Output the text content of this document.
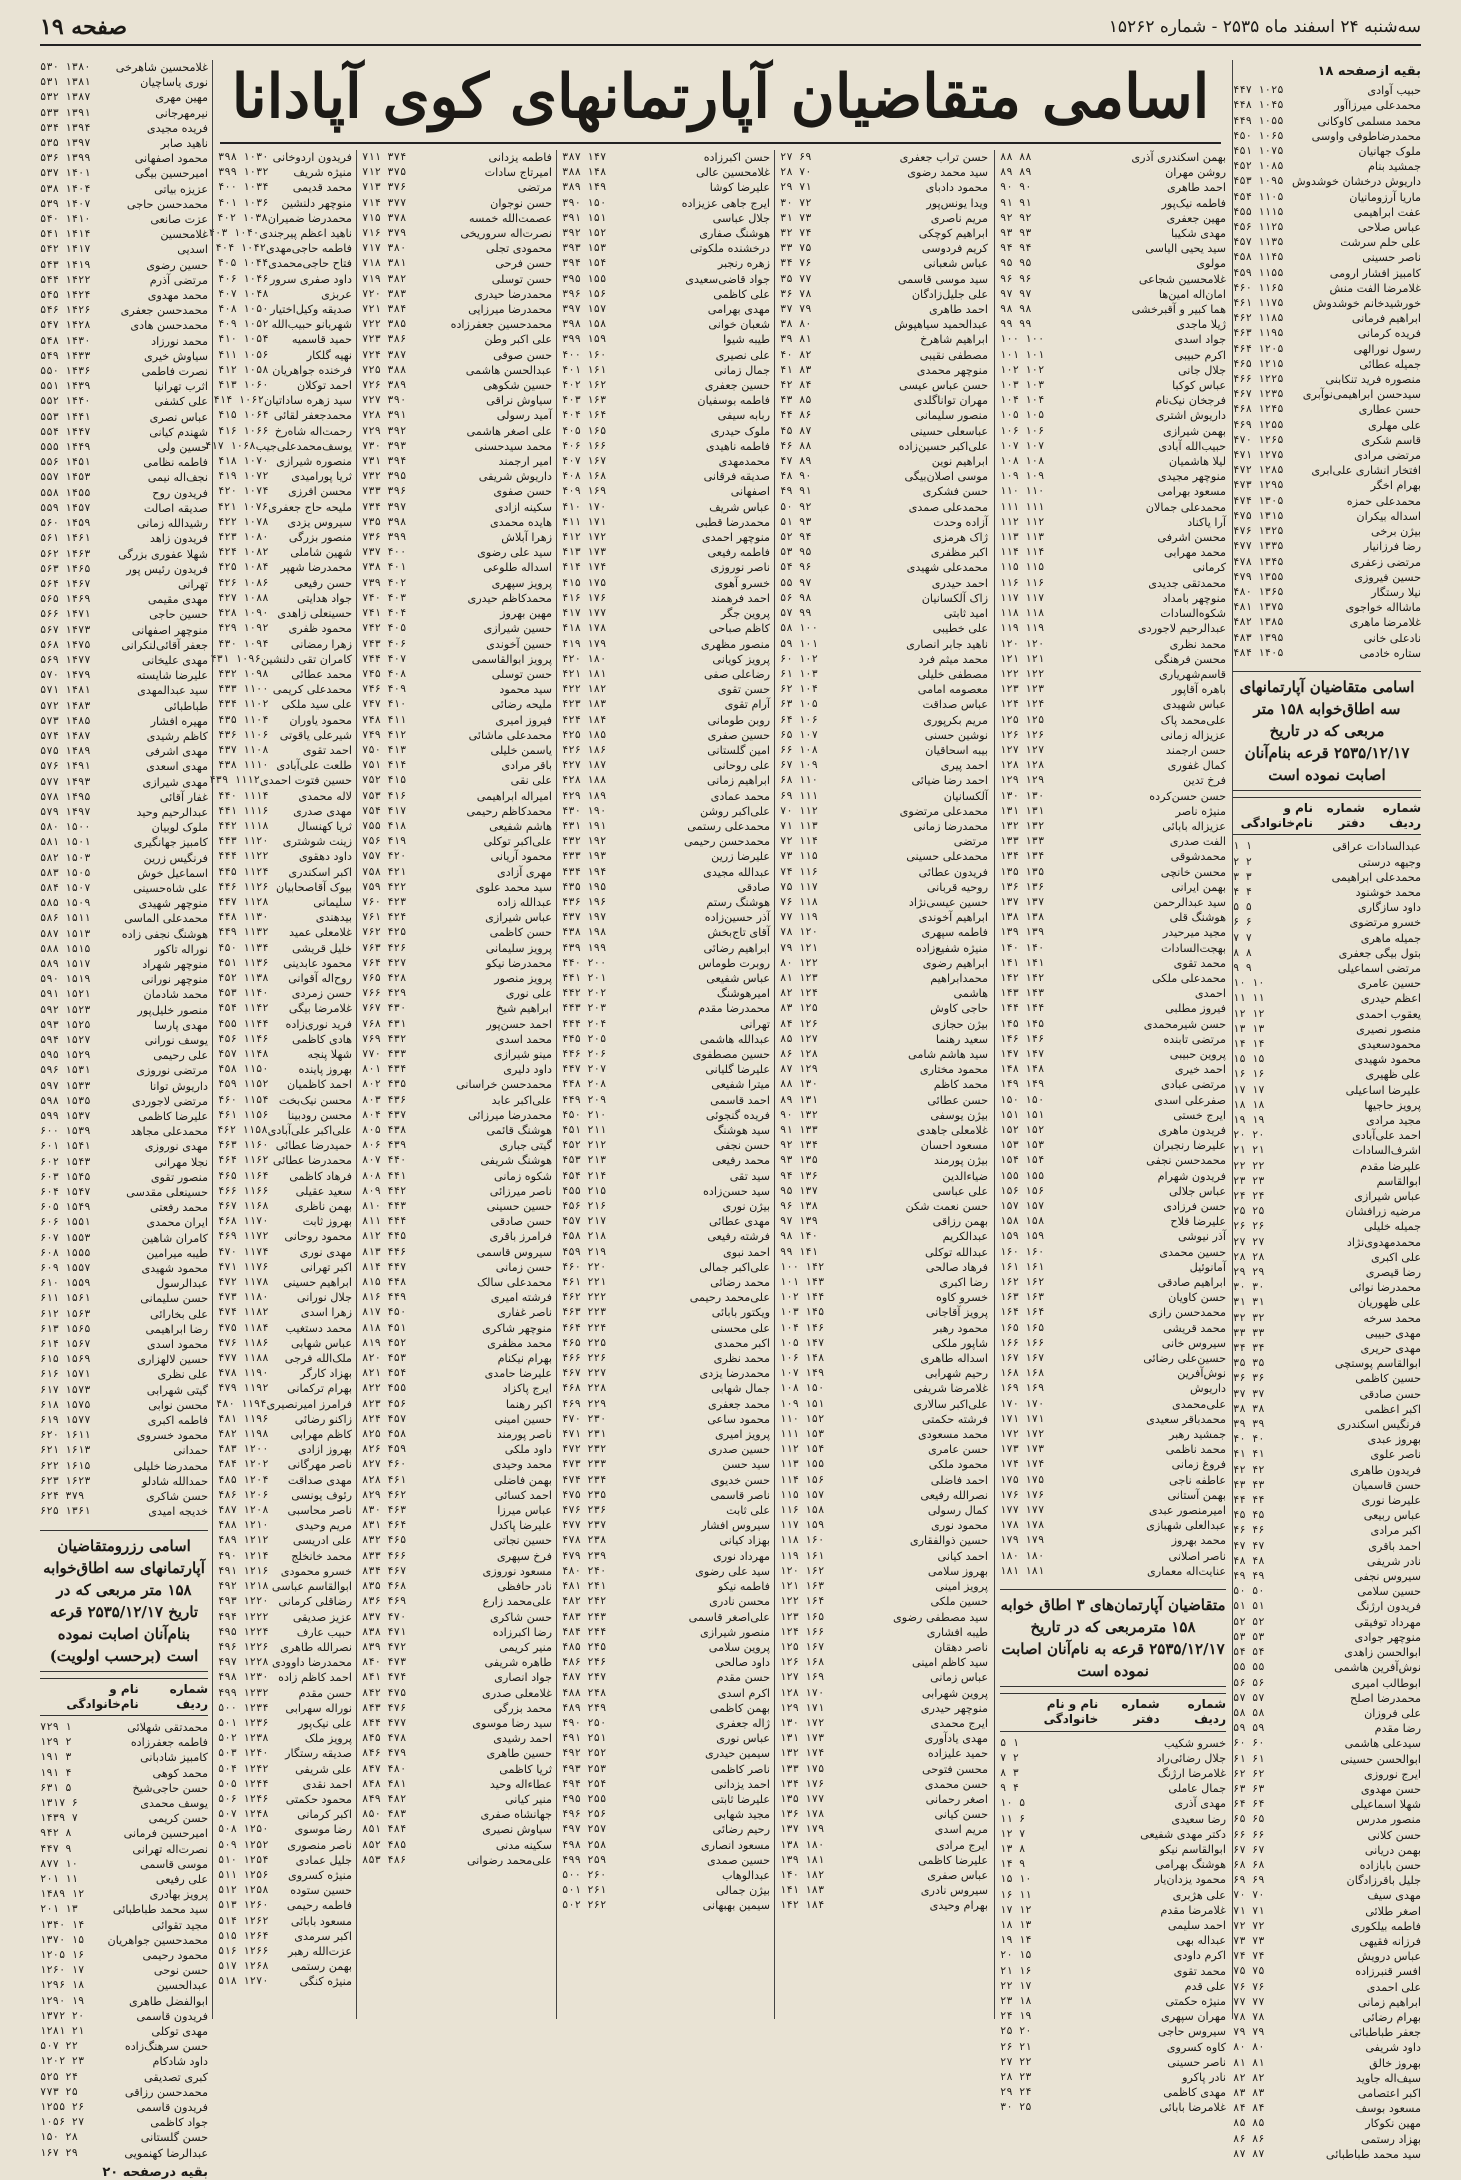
سه‌شنبه ۲۴ اسفند ماه ۲۵۳۵ - شماره ۱۵۲۶۲
صفحه ۱۹
اسامی متقاضیان آپارتمانهای کوی آپادانا	بقیه ازصفحه ۱۸
حبیب آوادی
۱۰۲۵ ۴۴۷
محمدعلی میرزاآور
۱۰۴۵ ۴۴۸
محمد مسلمی کاوکانی
۱۰۵۵ ۴۴۹
محمدرضاطوفی واوسی
۱۰۶۵ ۴۵۰
ملوک جهانیان
۱۰۷۵ ۴۵۱
جمشید بنام
۱۰۸۵ ۴۵۲
داریوش درخشان خوشدوش
۱۰۹۵ ۴۵۳
ماریا آرزومانیان
۱۱۰۵ ۴۵۴
عفت ابراهیمی
۱۱۱۵ ۴۵۵
عباس صلاحی
۱۱۲۵ ۴۵۶
علی حلم سرشت
۱۱۳۵ ۴۵۷
ناصر حسینی
۱۱۴۵ ۴۵۸
کامبیز افشار ارومی
۱۱۵۵ ۴۵۹
غلامرضا الفت منش
۱۱۶۵ ۴۶۰
خورشیدخانم خوشدوش
۱۱۷۵ ۴۶۱
ابراهیم فرمانی
۱۱۸۵ ۴۶۲
فریده کرمانی
۱۱۹۵ ۴۶۳
رسول نورالهی
۱۲۰۵ ۴۶۴
جمیله عطائی
۱۲۱۵ ۴۶۵
منصوره فرید تنکابنی
۱۲۲۵ ۴۶۶
سیدحسن ابراهیمی‌نوآبری
۱۲۳۵ ۴۶۷
حسن عطاری
۱۲۴۵ ۴۶۸
علی مهلری
۱۲۵۵ ۴۶۹
قاسم شکری
۱۲۶۵ ۴۷۰
مرتضی مرادی
۱۲۷۵ ۴۷۱
افتخار انشاری علی‌ابری
۱۲۸۵ ۴۷۲
بهرام اخگر
۱۲۹۵ ۴۷۳
محمدعلی حمزه
۱۳۰۵ ۴۷۴
اسداله بیکران
۱۳۱۵ ۴۷۵
بیژن برخی
۱۳۲۵ ۴۷۶
رضا فرزانیار
۱۳۳۵ ۴۷۷
مرتضی زعفری
۱۳۴۵ ۴۷۸
حسین فیروزی
۱۳۵۵ ۴۷۹
نیلا رستگار
۱۳۶۵ ۴۸۰
ماشااله خواجوی
۱۳۷۵ ۴۸۱
غلامرضا ماهری
۱۳۸۵ ۴۸۲
نادعلی خانی
۱۳۹۵ ۴۸۳
ستاره خادمی
۱۴۰۵ ۴۸۴
اسامی متقاضیان آپارتمانهای سه اطاق‌خوابه ۱۵۸ متر مربعی که در تاریخ ۲۵۳۵/۱۲/۱۷ قرعه بنام‌آنان اصابت نموده است
شماره ردیف
شماره دفتر
نام و نام‌خانوادگی
عبدالسادات عراقی
۱ ۱
وجیهه درستی
۲ ۲
محمدعلی ابراهیمی
۳ ۳
محمد خوشنود
۴ ۴
داود سازگاری
۵ ۵
خسرو مرتضوی
۶ ۶
جمیله ماهری
۷ ۷
بتول بیگی جعفری
۸ ۸
مرتضی اسماعیلی
۹ ۹
حسین عامری
۱۰ ۱۰
اعظم حیدری
۱۱ ۱۱
یعقوب احمدی
۱۲ ۱۲
منصور نصیری
۱۳ ۱۳
محمودسعیدی
۱۴ ۱۴
محمود شهیدی
۱۵ ۱۵
علی ظهیری
۱۶ ۱۶
علیرضا اساعیلی
۱۷ ۱۷
پرویز حاجیها
۱۸ ۱۸
مجید مرادی
۱۹ ۱۹
احمد علی‌آبادی
۲۰ ۲۰
اشرف‌السادات
۲۱ ۲۱
علیرضا مقدم
۲۲ ۲۲
ابوالقاسم
۲۳ ۲۳
عباس شیرازی
۲۴ ۲۴
مرضیه زرافشان
۲۵ ۲۵
جمیله خلیلی
۲۶ ۲۶
محمدمهدوی‌نژاد
۲۷ ۲۷
علی اکبری
۲۸ ۲۸
رضا قیصری
۲۹ ۲۹
محمدرضا نوائی
۳۰ ۳۰
علی ظهوریان
۳۱ ۳۱
محمد سرخه
۳۲ ۳۲
مهدی حبیبی
۳۳ ۳۳
مهدی حریری
۳۴ ۳۴
ابوالقاسم پوستچی
۳۵ ۳۵
حسین کاظمی
۳۶ ۳۶
حسن صادقی
۳۷ ۳۷
اکبر اعظمی
۳۸ ۳۸
فرنگیس اسکندری
۳۹ ۳۹
بهروز عبدی
۴۰ ۴۰
ناصر علوی
۴۱ ۴۱
فریدون طاهری
۴۲ ۴۲
حسن قاسمیان
۴۳ ۴۳
علیرضا نوری
۴۴ ۴۴
عباس ربیعی
۴۵ ۴۵
اکبر مرادی
۴۶ ۴۶
احمد باقری
۴۷ ۴۷
نادر شریفی
۴۸ ۴۸
سیروس نجفی
۴۹ ۴۹
حسین سلامی
۵۰ ۵۰
فریدون ارژنگ
۵۱ ۵۱
مهرداد توفیقی
۵۲ ۵۲
منوچهر جوادی
۵۳ ۵۳
ابوالحسن زاهدی
۵۴ ۵۴
نوش‌آفرین هاشمی
۵۵ ۵۵
ابوطالب امیری
۵۶ ۵۶
محمدرضا اصلح
۵۷ ۵۷
علی فروزان
۵۸ ۵۸
رضا مقدم
۵۹ ۵۹
سیدعلی هاشمی
۶۰ ۶۰
ابوالحسن حسینی
۶۱ ۶۱
ایرج نوروزی
۶۲ ۶۲
حسن مهدوی
۶۳ ۶۳
شهلا اسماعیلی
۶۴ ۶۴
منصور مدرس
۶۵ ۶۵
حسن کلانی
۶۶ ۶۶
بهمن دریانی
۶۷ ۶۷
حسن بابازاده
۶۸ ۶۸
جلیل باقرزادگان
۶۹ ۶۹
مهدی سیف
۷۰ ۷۰
اصغر طلائی
۷۱ ۷۱
فاطمه بیلکوری
۷۲ ۷۲
فرزانه فقیهی
۷۳ ۷۳
عباس درویش
۷۴ ۷۴
افسر قنبرزاده
۷۵ ۷۵
علی احمدی
۷۶ ۷۶
ابراهیم زمانی
۷۷ ۷۷
بهرام رضائی
۷۸ ۷۸
جعفر طباطبائی
۷۹ ۷۹
داود شریفی
۸۰ ۸۰
بهروز خالق
۸۱ ۸۱
سیف‌اله جاوید
۸۲ ۸۲
اکبر اعتصامی
۸۳ ۸۳
مسعود بوسف
۸۴ ۸۴
مهین نکوکار
۸۵ ۸۵
بهزاد رستمی
۸۶ ۸۶
سید محمد طباطبائی
۸۷ ۸۷
بهمن اسکندری آذری
۸۸ ۸۸
روشن مهران
۸۹ ۸۹
احمد طاهری
۹۰ ۹۰
فاطمه نیک‌پور
۹۱ ۹۱
مهین جعفری
۹۲ ۹۲
مهدی شکیبا
۹۳ ۹۳
سید یحیی الیاسی
۹۴ ۹۴
مولوی
۹۵ ۹۵
غلامحسین شجاعی
۹۶ ۹۶
امان‌اله امین‌ها
۹۷ ۹۷
هما کبیر و آقبرخشی
۹۸ ۹۸
ژیلا ماجدی
۹۹ ۹۹
جواد اسدی
۱۰۰ ۱۰۰
اکرم حبیبی
۱۰۱ ۱۰۱
جلال جانی
۱۰۲ ۱۰۲
عباس کوکبا
۱۰۳ ۱۰۳
فرجخان نیک‌نام
۱۰۴ ۱۰۴
داریوش اشتری
۱۰۵ ۱۰۵
بهمن شیرازی
۱۰۶ ۱۰۶
حبیب‌الله آبادی
۱۰۷ ۱۰۷
لیلا هاشمیان
۱۰۸ ۱۰۸
منوچهر مجیدی
۱۰۹ ۱۰۹
مسعود بهرامی
۱۱۰ ۱۱۰
محمدعلی جمالان
۱۱۱ ۱۱۱
آرا یاکناد
۱۱۲ ۱۱۲
محسن اشرفی
۱۱۳ ۱۱۳
محمد مهرابی
۱۱۴ ۱۱۴
کرمانی
۱۱۵ ۱۱۵
محمدتقی جدیدی
۱۱۶ ۱۱۶
منوچهر بامداد
۱۱۷ ۱۱۷
شکوه‌السادات
۱۱۸ ۱۱۸
عبدالرحیم لاجوردی
۱۱۹ ۱۱۹
محمد نظری
۱۲۰ ۱۲۰
محسن فرهنگی
۱۲۱ ۱۲۱
قاسم‌شهریاری
۱۲۲ ۱۲۲
باهره آقاپور
۱۲۳ ۱۲۳
عباس شهیدی
۱۲۴ ۱۲۴
علی‌محمد پاک
۱۲۵ ۱۲۵
عزیزاله زمانی
۱۲۶ ۱۲۶
حسن ارجمند
۱۲۷ ۱۲۷
کمال غفوری
۱۲۸ ۱۲۸
فرخ تدین
۱۲۹ ۱۲۹
حسن حسن‌کرده
۱۳۰ ۱۳۰
منیژه ناصر
۱۳۱ ۱۳۱
عزیزاله بابائی
۱۳۲ ۱۳۲
الفت صدری
۱۳۳ ۱۳۳
محمدشوقی
۱۳۴ ۱۳۴
محسن خانچی
۱۳۵ ۱۳۵
بهمن ایرانی
۱۳۶ ۱۳۶
سید عبدالرحمن
۱۳۷ ۱۳۷
هوشنگ قلی
۱۳۸ ۱۳۸
مجید میرحیدر
۱۳۹ ۱۳۹
بهجت‌السادات
۱۴۰ ۱۴۰
محمد تقوی
۱۴۱ ۱۴۱
محمدعلی ملکی
۱۴۲ ۱۴۲
احمدی
۱۴۳ ۱۴۳
فیروز مطلبی
۱۴۴ ۱۴۴
حسن شیرمحمدی
۱۴۵ ۱۴۵
مرتضی تابنده
۱۴۶ ۱۴۶
پروین حبیبی
۱۴۷ ۱۴۷
احمد خیری
۱۴۸ ۱۴۸
مرتضی عبادی
۱۴۹ ۱۴۹
صفرعلی اسدی
۱۵۰ ۱۵۰
ایرج خستی
۱۵۱ ۱۵۱
فریدون ماهری
۱۵۲ ۱۵۲
علیرضا رنجبران
۱۵۳ ۱۵۳
محمدحسن نجفی
۱۵۴ ۱۵۴
فریدون شهرام
۱۵۵ ۱۵۵
عباس جلالی
۱۵۶ ۱۵۶
حسن فرزادی
۱۵۷ ۱۵۷
علیرضا فلاح
۱۵۸ ۱۵۸
آذر نیوشی
۱۵۹ ۱۵۹
حسین محمدی
۱۶۰ ۱۶۰
آمانوئیل
۱۶۱ ۱۶۱
ابراهیم صادقی
۱۶۲ ۱۶۲
حسن کاویان
۱۶۳ ۱۶۳
محمدحسن رازی
۱۶۴ ۱۶۴
محمد قریشی
۱۶۵ ۱۶۵
سیروس خانی
۱۶۶ ۱۶۶
حسین‌علی رضائی
۱۶۷ ۱۶۷
نوش‌آفرین
۱۶۸ ۱۶۸
داریوش
۱۶۹ ۱۶۹
علی‌محمدی
۱۷۰ ۱۷۰
محمدباقر سعیدی
۱۷۱ ۱۷۱
جمشید رهبر
۱۷۲ ۱۷۲
محمد ناظمی
۱۷۳ ۱۷۳
فروغ زمانی
۱۷۴ ۱۷۴
عاطفه ناجی
۱۷۵ ۱۷۵
بهمن آستانی
۱۷۶ ۱۷۶
امیرمنصور عبدی
۱۷۷ ۱۷۷
عبدالعلی شهبازی
۱۷۸ ۱۷۸
محمد بهروز
۱۷۹ ۱۷۹
ناصر اصلانی
۱۸۰ ۱۸۰
عنایت‌اله معماری
۱۸۱ ۱۸۱
متقاضیان آپارتمان‌های ۳ اطاق خوابه ۱۵۸ مترمربعی که در تاریخ ۲۵۳۵/۱۲/۱۷ قرعه به نام‌آنان اصابت نموده است
شماره ردیف
شماره دفتر
نام و نام خانوادگی
خسرو شکیب
۱ ۵
جلال رضائی‌راد
۲ ۷
غلامرضا ارژنگ
۳ ۸
جمال عاملی
۴ ۹
مهدی آذری
۵ ۱۰
رضا سعیدی
۶ ۱۱
دکتر مهدی شفیعی
۷ ۱۲
ابوالقاسم نیکو
۸ ۱۳
هوشنگ بهرامی
۹ ۱۴
محمود یزدان‌یار
۱۰ ۱۵
علی هژبری
۱۱ ۱۶
غلامرضا مقدم
۱۲ ۱۷
احمد سلیمی
۱۳ ۱۸
عبداله بهی
۱۴ ۱۹
اکرم داودی
۱۵ ۲۰
محمد تقوی
۱۶ ۲۱
علی قدم
۱۷ ۲۲
منیژه حکمتی
۱۸ ۲۳
مهران سپهری
۱۹ ۲۴
سیروس حاجی
۲۰ ۲۵
کاوه کسروی
۲۱ ۲۶
ناصر حسینی
۲۲ ۲۷
نادر پاکرو
۲۳ ۲۸
مهدی کاظمی
۲۴ ۲۹
غلامرضا بابائی
۲۵ ۳۰
حسن تراب جعفری
۶۹ ۲۷
سید محمد رضوی
۷۰ ۲۸
محمود دادبای
۷۱ ۲۹
ویدا یونس‌پور
۷۲ ۳۰
مریم ناصری
۷۳ ۳۱
ابراهیم کوچکی
۷۴ ۳۲
کریم فردوسی
۷۵ ۳۳
عباس شعبانی
۷۶ ۳۴
سید موسی قاسمی
۷۷ ۳۵
علی جلیل‌زادگان
۷۸ ۳۶
احمد طاهری
۷۹ ۳۷
عبدالحمید سیاهپوش
۸۰ ۳۸
ابراهیم شاهرخ
۸۱ ۳۹
مصطفی نقیبی
۸۲ ۴۰
منوچهر محمدی
۸۳ ۴۱
حسن عباس عیسی
۸۴ ۴۲
مهران تواناگلدی
۸۵ ۴۳
منصور سلیمانی
۸۶ ۴۴
عباسعلی حسینی
۸۷ ۴۵
علی‌اکبر حسین‌زاده
۸۸ ۴۶
ابراهیم نوین
۸۹ ۴۷
موسی اصلان‌بیگی
۹۰ ۴۸
حسن فشکری
۹۱ ۴۹
محمدعلی صمدی
۹۲ ۵۰
آزاده وحدت
۹۳ ۵۱
ژاک هرمزی
۹۴ ۵۲
اکبر مظفری
۹۵ ۵۳
محمدعلی شهیدی
۹۶ ۵۴
احمد حیدری
۹۷ ۵۵
زاک آلکسانیان
۹۸ ۵۶
امید ثابتی
۹۹ ۵۷
علی خطیبی
۱۰۰ ۵۸
ناهید جابر انصاری
۱۰۱ ۵۹
محمد میثم فرد
۱۰۲ ۶۰
مصطفی خلیلی
۱۰۳ ۶۱
معصومه امامی
۱۰۴ ۶۲
عباس صداقت
۱۰۵ ۶۳
مریم بکرپوری
۱۰۶ ۶۴
نوشین حسنی
۱۰۷ ۶۵
بیبه اسحاقیان
۱۰۸ ۶۶
احمد پیری
۱۰۹ ۶۷
احمد رضا ضیائی
۱۱۰ ۶۸
آلکسانیان
۱۱۱ ۶۹
محمدعلی مرتضوی
۱۱۲ ۷۰
محمدرضا زمانی
۱۱۳ ۷۱
مرتضی
۱۱۴ ۷۲
محمدعلی حسینی
۱۱۵ ۷۳
فریدون عطائی
۱۱۶ ۷۴
روحیه قربانی
۱۱۷ ۷۵
حسین عیسی‌نژاد
۱۱۸ ۷۶
ابراهیم آخوندی
۱۱۹ ۷۷
فاطمه سپهری
۱۲۰ ۷۸
منیژه شفیع‌زاده
۱۲۱ ۷۹
ابراهیم رضوی
۱۲۲ ۸۰
محمدابراهیم
۱۲۳ ۸۱
هاشمی
۱۲۴ ۸۲
حاجی کاوش
۱۲۵ ۸۳
بیژن حجازی
۱۲۶ ۸۴
سعید رهنما
۱۲۷ ۸۵
سید هاشم شامی
۱۲۸ ۸۶
محمود مختاری
۱۲۹ ۸۷
محمد کاظم
۱۳۰ ۸۸
حسن عطائی
۱۳۱ ۸۹
بیژن یوسفی
۱۳۲ ۹۰
غلامعلی جاهدی
۱۳۳ ۹۱
مسعود احسان
۱۳۴ ۹۲
بیژن پورمند
۱۳۵ ۹۳
ضیاءالدین
۱۳۶ ۹۴
علی عباسی
۱۳۷ ۹۵
حسن نعمت شکن
۱۳۸ ۹۶
بهمن رزاقی
۱۳۹ ۹۷
عبدالکریم
۱۴۰ ۹۸
عبدالله توکلی
۱۴۱ ۹۹
فرهاد صالحی
۱۴۲ ۱۰۰
رضا اکبری
۱۴۳ ۱۰۱
خسرو کاوه
۱۴۴ ۱۰۲
پرویز آقاجانی
۱۴۵ ۱۰۳
محمود رهبر
۱۴۶ ۱۰۴
شاپور ملکی
۱۴۷ ۱۰۵
اسداله طاهری
۱۴۸ ۱۰۶
رحیم شهرابی
۱۴۹ ۱۰۷
غلامرضا شریفی
۱۵۰ ۱۰۸
علی‌اکبر سالاری
۱۵۱ ۱۰۹
فرشته حکمتی
۱۵۲ ۱۱۰
محمد مسعودی
۱۵۳ ۱۱۱
حسن عامری
۱۵۴ ۱۱۲
محمود ملکی
۱۵۵ ۱۱۳
احمد فاضلی
۱۵۶ ۱۱۴
نصرالله رفیعی
۱۵۷ ۱۱۵
کمال رسولی
۱۵۸ ۱۱۶
محمود نوری
۱۵۹ ۱۱۷
حسین ذوالفقاری
۱۶۰ ۱۱۸
احمد کیانی
۱۶۱ ۱۱۹
بهروز سلامی
۱۶۲ ۱۲۰
پرویز امینی
۱۶۳ ۱۲۱
حسین ملکی
۱۶۴ ۱۲۲
سید مصطفی رضوی
۱۶۵ ۱۲۳
طیبه افشاری
۱۶۶ ۱۲۴
ناصر دهقان
۱۶۷ ۱۲۵
سید کاظم امینی
۱۶۸ ۱۲۶
عباس زمانی
۱۶۹ ۱۲۷
پروین شهرابی
۱۷۰ ۱۲۸
منوچهر حیدری
۱۷۱ ۱۲۹
ایرج محمدی
۱۷۲ ۱۳۰
مهدی یادآوری
۱۷۳ ۱۳۱
حمید علیزاده
۱۷۴ ۱۳۲
محسن فتوحی
۱۷۵ ۱۳۳
حسن محمدی
۱۷۶ ۱۳۴
اصغر رحمانی
۱۷۷ ۱۳۵
حسن کیانی
۱۷۸ ۱۳۶
مریم اسدی
۱۷۹ ۱۳۷
ایرج مرادی
۱۸۰ ۱۳۸
علیرضا کاظمی
۱۸۱ ۱۳۹
عباس صفری
۱۸۲ ۱۴۰
سیروس نادری
۱۸۳ ۱۴۱
بهرام وحیدی
۱۸۴ ۱۴۲
حسن اکبرزاده
۱۴۷ ۳۸۷
غلامحسین عالی
۱۴۸ ۳۸۸
علیرضا کوشا
۱۴۹ ۳۸۹
ایرج جاهی عزیزاده
۱۵۰ ۳۹۰
جلال عباسی
۱۵۱ ۳۹۱
هوشنگ صفاری
۱۵۲ ۳۹۲
درخشنده ملکوتی
۱۵۳ ۳۹۳
زهره رنجبر
۱۵۴ ۳۹۴
جواد قاضی‌سعیدی
۱۵۵ ۳۹۵
علی کاظمی
۱۵۶ ۳۹۶
مهدی بهرامی
۱۵۷ ۳۹۷
شعبان خوانی
۱۵۸ ۳۹۸
طیبه شیوا
۱۵۹ ۳۹۹
علی نصیری
۱۶۰ ۴۰۰
جمال زمانی
۱۶۱ ۴۰۱
حسین جعفری
۱۶۲ ۴۰۲
فاطمه بوسفیان
۱۶۳ ۴۰۳
ربابه سیفی
۱۶۴ ۴۰۴
ملوک حیدری
۱۶۵ ۴۰۵
فاطمه ناهیدی
۱۶۶ ۴۰۶
محمدمهدی
۱۶۷ ۴۰۷
صدیقه فرقانی
۱۶۸ ۴۰۸
اصفهانی
۱۶۹ ۴۰۹
عباس شریف
۱۷۰ ۴۱۰
محمدرضا قطبی
۱۷۱ ۴۱۱
منوچهر احمدی
۱۷۲ ۴۱۲
فاطمه رفیعی
۱۷۳ ۴۱۳
ناصر نوروزی
۱۷۴ ۴۱۴
خسرو آهوی
۱۷۵ ۴۱۵
احمد فرهمند
۱۷۶ ۴۱۶
پروین جگر
۱۷۷ ۴۱۷
کاظم صباحی
۱۷۸ ۴۱۸
منصور مظهری
۱۷۹ ۴۱۹
پرویز کویانی
۱۸۰ ۴۲۰
رضاعلی صفی
۱۸۱ ۴۲۱
حسن تقوی
۱۸۲ ۴۲۲
آرام تقوی
۱۸۳ ۴۲۳
روبن طومانی
۱۸۴ ۴۲۴
حسین صفری
۱۸۵ ۴۲۵
امین گلستانی
۱۸۶ ۴۲۶
علی روحانی
۱۸۷ ۴۲۷
ابراهیم زمانی
۱۸۸ ۴۲۸
محمد عمادی
۱۸۹ ۴۲۹
علی‌اکبر روشن
۱۹۰ ۴۳۰
محمدعلی رستمی
۱۹۱ ۴۳۱
محمدحسن رحیمی
۱۹۲ ۴۳۲
علیرضا زرین
۱۹۳ ۴۳۳
عبدالله مجیدی
۱۹۴ ۴۳۴
صادقی
۱۹۵ ۴۳۵
هوشنگ رستم
۱۹۶ ۴۳۶
آذر حسین‌زاده
۱۹۷ ۴۳۷
آقای تاج‌بخش
۱۹۸ ۴۳۸
ابراهیم رضائی
۱۹۹ ۴۳۹
روبرت طوماس
۲۰۰ ۴۴۰
عباس شفیعی
۲۰۱ ۴۴۱
امیرهوشنگ
۲۰۲ ۴۴۲
محمدرضا مقدم
۲۰۳ ۴۴۳
تهرانی
۲۰۴ ۴۴۴
عبدالله هاشمی
۲۰۵ ۴۴۵
حسین مصطفوی
۲۰۶ ۴۴۶
علیرضا گلیانی
۲۰۷ ۴۴۷
میترا شفیعی
۲۰۸ ۴۴۸
احمد قاسمی
۲۰۹ ۴۴۹
فریده گنجوئی
۲۱۰ ۴۵۰
سید هوشنگ
۲۱۱ ۴۵۱
حسن نجفی
۲۱۲ ۴۵۲
محمد رفیعی
۲۱۳ ۴۵۳
سید تقی
۲۱۴ ۴۵۴
سید حسن‌زاده
۲۱۵ ۴۵۵
بیژن نوری
۲۱۶ ۴۵۶
مهدی عطائی
۲۱۷ ۴۵۷
فرشته رفیعی
۲۱۸ ۴۵۸
احمد نبوی
۲۱۹ ۴۵۹
علی‌اکبر جمالی
۲۲۰ ۴۶۰
محمد رضائی
۲۲۱ ۴۶۱
علی‌محمد رحیمی
۲۲۲ ۴۶۲
ویکتور بابائی
۲۲۳ ۴۶۳
علی محسنی
۲۲۴ ۴۶۴
اکبر محمدی
۲۲۵ ۴۶۵
محمد نظری
۲۲۶ ۴۶۶
محمدرضا یزدی
۲۲۷ ۴۶۷
جمال شهابی
۲۲۸ ۴۶۸
محمد جعفری
۲۲۹ ۴۶۹
محمود ساعی
۲۳۰ ۴۷۰
پرویز امیری
۲۳۱ ۴۷۱
حسین صدری
۲۳۲ ۴۷۲
سید حسن
۲۳۳ ۴۷۳
حسن خدیوی
۲۳۴ ۴۷۴
ناصر قاسمی
۲۳۵ ۴۷۵
علی ثابت
۲۳۶ ۴۷۶
سیروس افشار
۲۳۷ ۴۷۷
بهزاد کیانی
۲۳۸ ۴۷۸
مهرداد نوری
۲۳۹ ۴۷۹
سید علی رضوی
۲۴۰ ۴۸۰
فاطمه نیکو
۲۴۱ ۴۸۱
محسن نادری
۲۴۲ ۴۸۲
علی‌اصغر قاسمی
۲۴۳ ۴۸۳
منصور شیرازی
۲۴۴ ۴۸۴
پروین سلامی
۲۴۵ ۴۸۵
داود صالحی
۲۴۶ ۴۸۶
حسن مقدم
۲۴۷ ۴۸۷
اکرم اسدی
۲۴۸ ۴۸۸
بهمن کاظمی
۲۴۹ ۴۸۹
ژاله جعفری
۲۵۰ ۴۹۰
عباس نوری
۲۵۱ ۴۹۱
سیمین حیدری
۲۵۲ ۴۹۲
ناصر کاظمی
۲۵۳ ۴۹۳
احمد یزدانی
۲۵۴ ۴۹۴
علیرضا ثابتی
۲۵۵ ۴۹۵
مجید شهابی
۲۵۶ ۴۹۶
رحیم رضائی
۲۵۷ ۴۹۷
مسعود انصاری
۲۵۸ ۴۹۸
حسین صمدی
۲۵۹ ۴۹۹
عبدالوهاب
۲۶۰ ۵۰۰
بیژن جمالی
۲۶۱ ۵۰۱
سیمین بهبهانی
۲۶۲ ۵۰۲
فاطمه یزدانی
۳۷۴ ۷۱۱
امیرتاج سادات
۳۷۵ ۷۱۲
مرتضی
۳۷۶ ۷۱۳
حسن نوجوان
۳۷۷ ۷۱۴
عصمت‌الله خمسه
۳۷۸ ۷۱۵
نصرت‌اله سروریخی
۳۷۹ ۷۱۶
محمودی تجلی
۳۸۰ ۷۱۷
حسن فرحی
۳۸۱ ۷۱۸
حسن توسلی
۳۸۲ ۷۱۹
محمدرضا حیدری
۳۸۳ ۷۲۰
محمدرضا میرزایی
۳۸۴ ۷۲۱
محمدحسین جعفرزاده
۳۸۵ ۷۲۲
علی اکبر وطن
۳۸۶ ۷۲۳
حسن صوفی
۳۸۷ ۷۲۴
عبدالحسن هاشمی
۳۸۸ ۷۲۵
حسین شکوهی
۳۸۹ ۷۲۶
سیاوش نراقی
۳۹۰ ۷۲۷
آمید رسولی
۳۹۱ ۷۲۸
علی اصغر هاشمی
۳۹۲ ۷۲۹
محمد سیدحسنی
۳۹۳ ۷۳۰
امیر ارجمند
۳۹۴ ۷۳۱
داریوش شریفی
۳۹۵ ۷۳۲
حسن صفوی
۳۹۶ ۷۳۳
سکینه ازادی
۳۹۷ ۷۳۴
هایده محمدی
۳۹۸ ۷۳۵
زهرا آبلاش
۳۹۹ ۷۳۶
سید علی رضوی
۴۰۰ ۷۳۷
اسداله طلوعی
۴۰۱ ۷۳۸
پرویز سپهری
۴۰۲ ۷۳۹
محمدکاظم حیدری
۴۰۳ ۷۴۰
مهین بهروز
۴۰۴ ۷۴۱
حسین شیرازی
۴۰۵ ۷۴۲
حسین آخوندی
۴۰۶ ۷۴۳
پرویز ابوالقاسمی
۴۰۷ ۷۴۴
حسن توسلی
۴۰۸ ۷۴۵
سید محمود
۴۰۹ ۷۴۶
ملیحه رضائی
۴۱۰ ۷۴۷
فیروز امیری
۴۱۱ ۷۴۸
محمدعلی ماشائی
۴۱۲ ۷۴۹
یاسمن خلیلی
۴۱۳ ۷۵۰
باقر مرادی
۴۱۴ ۷۵۱
علی نقی
۴۱۵ ۷۵۲
امیراله ابراهیمی
۴۱۶ ۷۵۳
محمدکاظم رحیمی
۴۱۷ ۷۵۴
هاشم شفیعی
۴۱۸ ۷۵۵
علی‌اکبر توکلی
۴۱۹ ۷۵۶
محمود آریانی
۴۲۰ ۷۵۷
مهری آزادی
۴۲۱ ۷۵۸
سید محمد علوی
۴۲۲ ۷۵۹
عبدالله زاده
۴۲۳ ۷۶۰
عباس شیرازی
۴۲۴ ۷۶۱
حسن کاظمی
۴۲۵ ۷۶۲
پرویز سلیمانی
۴۲۶ ۷۶۳
محمدرضا نیکو
۴۲۷ ۷۶۴
پرویز منصور
۴۲۸ ۷۶۵
علی نوری
۴۲۹ ۷۶۶
ابراهیم شیخ
۴۳۰ ۷۶۷
احمد حسن‌پور
۴۳۱ ۷۶۸
محمد اسدی
۴۳۲ ۷۶۹
مینو شیرازی
۴۳۳ ۷۷۰
داود دلیری
۴۳۴ ۸۰۱
محمدحسن خراسانی
۴۳۵ ۸۰۲
علی‌اکبر عابد
۴۳۶ ۸۰۳
محمدرضا میرزائی
۴۳۷ ۸۰۴
هوشنگ قائمی
۴۳۸ ۸۰۵
گیتی جباری
۴۳۹ ۸۰۶
هوشنگ شریفی
۴۴۰ ۸۰۷
شکوه زمانی
۴۴۱ ۸۰۸
ناصر میرزائی
۴۴۲ ۸۰۹
حسین حسینی
۴۴۳ ۸۱۰
حسن صادقی
۴۴۴ ۸۱۱
فرامرز باقری
۴۴۵ ۸۱۲
سیروس قاسمی
۴۴۶ ۸۱۳
حسن زمانی
۴۴۷ ۸۱۴
محمدعلی سالک
۴۴۸ ۸۱۵
فرشته امیری
۴۴۹ ۸۱۶
ناصر غفاری
۴۵۰ ۸۱۷
منوچهر شاکری
۴۵۱ ۸۱۸
محمد مظفری
۴۵۲ ۸۱۹
بهرام نیکنام
۴۵۳ ۸۲۰
علیرضا حامدی
۴۵۴ ۸۲۱
ایرج پاکزاد
۴۵۵ ۸۲۲
اکبر رهنما
۴۵۶ ۸۲۳
حسین امینی
۴۵۷ ۸۲۴
ناصر پورمند
۴۵۸ ۸۲۵
داود ملکی
۴۵۹ ۸۲۶
محمد وحیدی
۴۶۰ ۸۲۷
بهمن فاضلی
۴۶۱ ۸۲۸
احمد کسائی
۴۶۲ ۸۲۹
عباس میرزا
۴۶۳ ۸۳۰
علیرضا پاکدل
۴۶۴ ۸۳۱
حسین نجاتی
۴۶۵ ۸۳۲
فرخ سپهری
۴۶۶ ۸۳۳
مسعود نوروزی
۴۶۷ ۸۳۴
نادر حافظی
۴۶۸ ۸۳۵
علی‌محمد زارع
۴۶۹ ۸۳۶
حسن شاکری
۴۷۰ ۸۳۷
رضا اکبرزاده
۴۷۱ ۸۳۸
منیر کریمی
۴۷۲ ۸۳۹
طاهره شریفی
۴۷۳ ۸۴۰
جواد انصاری
۴۷۴ ۸۴۱
غلامعلی صدری
۴۷۵ ۸۴۲
محمد بزرگی
۴۷۶ ۸۴۳
سید رضا موسوی
۴۷۷ ۸۴۴
احمد رشیدی
۴۷۸ ۸۴۵
حسین طاهری
۴۷۹ ۸۴۶
ثریا کاظمی
۴۸۰ ۸۴۷
عطاءاله وحید
۴۸۱ ۸۴۸
منیر کیانی
۴۸۲ ۸۴۹
جهانشاه صفری
۴۸۳ ۸۵۰
سیاوش نصیری
۴۸۴ ۸۵۱
سکینه مدنی
۴۸۵ ۸۵۲
علی‌محمد رضوانی
۴۸۶ ۸۵۳
فریدون اردوخانی
۱۰۳۰ ۳۹۸
منیژه شریف
۱۰۳۲ ۳۹۹
محمد قدیمی
۱۰۳۴ ۴۰۰
منوچهر دلنشین
۱۰۳۶ ۴۰۱
محمدرضا ضمیران
۱۰۳۸ ۴۰۲
ناهید اعظم پیرجندی
۱۰۴۰ ۴۰۳
فاطمه حاجی‌مهدی
۱۰۴۲ ۴۰۴
فتاح حاجی‌محمدی
۱۰۴۴ ۴۰۵
داود صفری سرور
۱۰۴۶ ۴۰۶
عربزی
۱۰۴۸ ۴۰۷
صدیقه وکیل‌اختیار
۱۰۵۰ ۴۰۸
شهربانو حبیب‌الله
۱۰۵۲ ۴۰۹
حمید قاسمیه
۱۰۵۴ ۴۱۰
نهیه گلکار
۱۰۵۶ ۴۱۱
فرخنده جواهریان
۱۰۵۸ ۴۱۲
احمد توکلان
۱۰۶۰ ۴۱۳
سید زهره ساداتیان
۱۰۶۲ ۴۱۴
محمدجعفر لقائی
۱۰۶۴ ۴۱۵
رحمت‌اله شاه‌رخ
۱۰۶۶ ۴۱۶
یوسف‌محمدعلی‌جیب
۱۰۶۸ ۴۱۷
منصوره شیرازی
۱۰۷۰ ۴۱۸
ثریا پورامیدی
۱۰۷۲ ۴۱۹
محسن افرزی
۱۰۷۴ ۴۲۰
ملیحه حاج جعفری
۱۰۷۶ ۴۲۱
سیروس یزدی
۱۰۷۸ ۴۲۲
منصور بزرگی
۱۰۸۰ ۴۲۳
شهین شاملی
۱۰۸۲ ۴۲۴
محمدرضا شهپر
۱۰۸۴ ۴۲۵
حسن رفیعی
۱۰۸۶ ۴۲۶
جواد هدایتی
۱۰۸۸ ۴۲۷
حسینعلی زاهدی
۱۰۹۰ ۴۲۸
محمود ظفری
۱۰۹۲ ۴۲۹
زهرا رمضانی
۱۰۹۴ ۴۳۰
کامران تقی دلنشین
۱۰۹۶ ۴۳۱
محمد عطائی
۱۰۹۸ ۴۳۲
محمدعلی کریمی
۱۱۰۰ ۴۳۳
علی سید ملکی
۱۱۰۲ ۴۳۴
محمود یاوران
۱۱۰۴ ۴۳۵
شیرعلی یاقوتی
۱۱۰۶ ۴۳۶
احمد تقوی
۱۱۰۸ ۴۳۷
طلعت علی‌آبادی
۱۱۱۰ ۴۳۸
حسین فتوت احمدی
۱۱۱۲ ۴۳۹
لاله محمدی
۱۱۱۴ ۴۴۰
مهدی صدری
۱۱۱۶ ۴۴۱
ثریا کهنسال
۱۱۱۸ ۴۴۲
زینت شوشتری
۱۱۲۰ ۴۴۳
داود دهقوی
۱۱۲۲ ۴۴۴
اکبر اسکندری
۱۱۲۴ ۴۴۵
بیوک آقاصحابیان
۱۱۲۶ ۴۴۶
سلیمانی
۱۱۲۸ ۴۴۷
بیدهندی
۱۱۳۰ ۴۴۸
غلامعلی عمید
۱۱۳۲ ۴۴۹
خلیل قریشی
۱۱۳۴ ۴۵۰
محمود عابدینی
۱۱۳۶ ۴۵۱
روح‌اله آقوانی
۱۱۳۸ ۴۵۲
حسن زمردی
۱۱۴۰ ۴۵۳
غلامرضا بیگی
۱۱۴۲ ۴۵۴
فرید نوری‌زاده
۱۱۴۴ ۴۵۵
هادی کاظمی
۱۱۴۶ ۴۵۶
شهلا پنجه
۱۱۴۸ ۴۵۷
بهروز پاینده
۱۱۵۰ ۴۵۸
احمد کاظمیان
۱۱۵۲ ۴۵۹
محسن نیک‌بخت
۱۱۵۴ ۴۶۰
محسن رودبینا
۱۱۵۶ ۴۶۱
علی‌اکبر علی‌آبادی
۱۱۵۸ ۴۶۲
حمیدرضا عطائی
۱۱۶۰ ۴۶۳
محمدرضا عطائی
۱۱۶۲ ۴۶۴
فرهاد کاظمی
۱۱۶۴ ۴۶۵
سعید عقیلی
۱۱۶۶ ۴۶۶
بهمن ناظری
۱۱۶۸ ۴۶۷
بهروز ثابت
۱۱۷۰ ۴۶۸
محمود روحانی
۱۱۷۲ ۴۶۹
مهدی نوری
۱۱۷۴ ۴۷۰
اکبر تهرانی
۱۱۷۶ ۴۷۱
ابراهیم حسینی
۱۱۷۸ ۴۷۲
جلال نورانی
۱۱۸۰ ۴۷۳
زهرا اسدی
۱۱۸۲ ۴۷۴
محمد دستغیب
۱۱۸۴ ۴۷۵
عباس شهابی
۱۱۸۶ ۴۷۶
ملک‌الله فرجی
۱۱۸۸ ۴۷۷
بهزاد کارگر
۱۱۹۰ ۴۷۸
بهرام ترکمانی
۱۱۹۲ ۴۷۹
فرامرز امیرنصیری
۱۱۹۴ ۴۸۰
زاکنو رضائی
۱۱۹۶ ۴۸۱
کاظم مهرابی
۱۱۹۸ ۴۸۲
بهروز ازادی
۱۲۰۰ ۴۸۳
ناصر مهرگانی
۱۲۰۲ ۴۸۴
مهدی صداقت
۱۲۰۴ ۴۸۵
رئوف یونسی
۱۲۰۶ ۴۸۶
ناصر محاسبی
۱۲۰۸ ۴۸۷
مریم وحیدی
۱۲۱۰ ۴۸۸
علی ادریسی
۱۲۱۲ ۴۸۹
محمد خانخلج
۱۲۱۴ ۴۹۰
خسرو محمودی
۱۲۱۶ ۴۹۱
ابوالقاسم عباسی
۱۲۱۸ ۴۹۲
رضاقلی کرمانی
۱۲۲۰ ۴۹۳
عزیز صدیقی
۱۲۲۲ ۴۹۴
حبیب عارف
۱۲۲۴ ۴۹۵
نصرالله طاهری
۱۲۲۶ ۴۹۶
محمدرضا داوودی
۱۲۲۸ ۴۹۷
احمد کاظم زاده
۱۲۳۰ ۴۹۸
حسن مقدم
۱۲۳۲ ۴۹۹
نوراله سهرابی
۱۲۳۴ ۵۰۰
علی نیک‌پور
۱۲۳۶ ۵۰۱
پرویز ملک
۱۲۳۸ ۵۰۲
صدیقه رستگار
۱۲۴۰ ۵۰۳
علی شریفی
۱۲۴۲ ۵۰۴
احمد نقدی
۱۲۴۴ ۵۰۵
محمود حکمتی
۱۲۴۶ ۵۰۶
اکبر کرمانی
۱۲۴۸ ۵۰۷
رضا موسوی
۱۲۵۰ ۵۰۸
ناصر منصوری
۱۲۵۲ ۵۰۹
جلیل عمادی
۱۲۵۴ ۵۱۰
منیژه کسروی
۱۲۵۶ ۵۱۱
حسین ستوده
۱۲۵۸ ۵۱۲
فاطمه رحیمی
۱۲۶۰ ۵۱۳
مسعود بابائی
۱۲۶۲ ۵۱۴
اکبر سرمدی
۱۲۶۴ ۵۱۵
عزت‌الله رهبر
۱۲۶۶ ۵۱۶
بهمن رستمی
۱۲۶۸ ۵۱۷
منیژه کنگی
۱۲۷۰ ۵۱۸
غلامحسین شاهرخی
۱۳۸۰ ۵۳۰
نوری یاساچیان
۱۳۸۱ ۵۳۱
مهین مهری
۱۳۸۷ ۵۳۲
نیرمهرجانی
۱۳۹۱ ۵۳۳
فریده مجیدی
۱۳۹۴ ۵۳۴
ناهید صابر
۱۳۹۷ ۵۳۵
محمود اصفهانی
۱۳۹۹ ۵۳۶
امیرحسین بیگی
۱۴۰۱ ۵۳۷
عزیزه بیاتی
۱۴۰۴ ۵۳۸
محمدحسن حاجی
۱۴۰۷ ۵۳۹
عزت صانعی
۱۴۱۰ ۵۴۰
غلامحسین
۱۴۱۴ ۵۴۱
اسدیی
۱۴۱۷ ۵۴۲
حسین رضوی
۱۴۱۹ ۵۴۳
مرتضی آذرم
۱۴۲۲ ۵۴۴
محمد مهدوی
۱۴۲۴ ۵۴۵
محمدحسن جعفری
۱۴۲۶ ۵۴۶
محمدحسن هادی
۱۴۲۸ ۵۴۷
محمد نورزاد
۱۴۳۰ ۵۴۸
سیاوش خیری
۱۴۳۳ ۵۴۹
نصرت فاطمی
۱۴۳۶ ۵۵۰
اثرب تهرانیا
۱۴۳۹ ۵۵۱
علی کشفی
۱۴۴۰ ۵۵۲
عباس نصری
۱۴۴۱ ۵۵۳
شهندم کیانی
۱۴۴۷ ۵۵۴
حسین ولی
۱۴۴۹ ۵۵۵
فاطمه نظامی
۱۴۵۱ ۵۵۶
نجف‌اله نیمی
۱۴۵۳ ۵۵۷
فریدون روح
۱۴۵۵ ۵۵۸
صدیقه اصالت
۱۴۵۷ ۵۵۹
رشیدالله زمانی
۱۴۵۹ ۵۶۰
فریدون زاهد
۱۴۶۱ ۵۶۱
شهلا عفوری بزرگی
۱۴۶۳ ۵۶۲
فریدون رئیس پور
۱۴۶۵ ۵۶۳
تهرانی
۱۴۶۷ ۵۶۴
مهدی مقیمی
۱۴۶۹ ۵۶۵
حسین حاجی
۱۴۷۱ ۵۶۶
منوچهر اصفهانی
۱۴۷۳ ۵۶۷
جعفر آقائی‌لنکرانی
۱۴۷۵ ۵۶۸
مهدی علیخانی
۱۴۷۷ ۵۶۹
علیرضا شایسته
۱۴۷۹ ۵۷۰
سید عبدالمهدی
۱۴۸۱ ۵۷۱
طباطبائی
۱۴۸۳ ۵۷۲
مهیره افشار
۱۴۸۵ ۵۷۳
کاظم رشیدی
۱۴۸۷ ۵۷۴
مهدی اشرفی
۱۴۸۹ ۵۷۵
مهدی اسعدی
۱۴۹۱ ۵۷۶
مهدی شیرازی
۱۴۹۳ ۵۷۷
غفار آقائی
۱۴۹۵ ۵۷۸
عبدالرحیم وحید
۱۴۹۷ ۵۷۹
ملوک لوبیان
۱۵۰۰ ۵۸۰
کامبیز جهانگیری
۱۵۰۱ ۵۸۱
فرنگیس زرین
۱۵۰۳ ۵۸۲
اسماعیل خوش
۱۵۰۵ ۵۸۳
علی شاه‌حسینی
۱۵۰۷ ۵۸۴
منوچهر شهیدی
۱۵۰۹ ۵۸۵
محمدعلی الماسی
۱۵۱۱ ۵۸۶
هوشنگ نجفی زاده
۱۵۱۳ ۵۸۷
نوراله تاکور
۱۵۱۵ ۵۸۸
منوچهر شهراد
۱۵۱۷ ۵۸۹
منوچهر نورانی
۱۵۱۹ ۵۹۰
محمد شادمان
۱۵۲۱ ۵۹۱
منصور خلیل‌پور
۱۵۲۳ ۵۹۲
مهدی پارسا
۱۵۲۵ ۵۹۳
یوسف نورانی
۱۵۲۷ ۵۹۴
علی رحیمی
۱۵۲۹ ۵۹۵
مرتضی نوروزی
۱۵۳۱ ۵۹۶
داریوش توانا
۱۵۳۳ ۵۹۷
مرتضی لاجوردی
۱۵۳۵ ۵۹۸
علیرضا کاظمی
۱۵۳۷ ۵۹۹
محمدعلی مجاهد
۱۵۳۹ ۶۰۰
مهدی نوروزی
۱۵۴۱ ۶۰۱
نجلا مهرانی
۱۵۴۳ ۶۰۲
منصور تقوی
۱۵۴۵ ۶۰۳
حسینعلی مقدسی
۱۵۴۷ ۶۰۴
محمد رفعتی
۱۵۴۹ ۶۰۵
ایران محمدی
۱۵۵۱ ۶۰۶
کامران شاهین
۱۵۵۳ ۶۰۷
طیبه میرامین
۱۵۵۵ ۶۰۸
محمود شهیدی
۱۵۵۷ ۶۰۹
عبدالرسول
۱۵۵۹ ۶۱۰
حسن سلیمانی
۱۵۶۱ ۶۱۱
علی بخارائی
۱۵۶۳ ۶۱۲
رضا ابراهیمی
۱۵۶۵ ۶۱۳
محمود اسدی
۱۵۶۷ ۶۱۴
حسین لالهزاری
۱۵۶۹ ۶۱۵
علی نظری
۱۵۷۱ ۶۱۶
گیتی شهرابی
۱۵۷۳ ۶۱۷
محسن نوابی
۱۵۷۵ ۶۱۸
فاطمه اکبری
۱۵۷۷ ۶۱۹
محمود خسروی
۱۶۱۱ ۶۲۰
حمدانی
۱۶۱۳ ۶۲۱
محمدرضا خلیلی
۱۶۱۵ ۶۲۲
حمدالله شادلو
۱۶۲۳ ۶۲۳
حسن شاکری
۳۷۹ ۶۲۴
خدیجه امیدی
۱۳۶۱ ۶۲۵
اسامی رزرومتقاضیان آپارتمانهای سه اطاق‌خوابه ۱۵۸ متر مربعی که در تاریخ ۲۵۳۵/۱۲/۱۷ قرعه بنام‌آنان اصابت نموده است (برحسب اولویت)
شماره ردیف
نام و نام‌خانوادگی
محمدتقی شهلائی
۱ ۷۲۹
فاطمه جعفرزاده
۲ ۱۲۹
کامبیز شادبانی
۳ ۱۹۱
محمد کوهی
۴ ۱۹۱
حسن حاجی‌شیخ
۵ ۶۳۱
یوسف محمدی
۶ ۱۳۱۷
حسن کریمی
۷ ۱۴۳۹
امیرحسین فرمانی
۸ ۹۴۲
نصرت‌اله تهرانی
۹ ۴۴۷
موسی قاسمی
۱۰ ۸۷۷
علی رفیعی
۱۱ ۲۰۱
پرویز بهادری
۱۲ ۱۴۸۹
سید محمد طباطبائی
۱۳ ۲۰۱
مجید تقوائی
۱۴ ۱۳۴۰
محمدحسین جواهریان
۱۵ ۱۳۷۰
محمود رحیمی
۱۶ ۱۲۰۵
حسن نوحی
۱۷ ۱۲۶۰
عبدالحسین
۱۸ ۱۲۹۶
ابوالفضل طاهری
۱۹ ۱۲۹۰
فریدون قاسمی
۲۰ ۱۳۷۲
مهدی توکلی
۲۱ ۱۲۸۱
حسن سرهنگ‌زاده
۲۲ ۵۰۷
داود شادکام
۲۳ ۱۲۰۲
کبری تصدیقی
۲۴ ۵۲۵
محمدحسن رزاقی
۲۵ ۷۷۳
فریدون قاسمی
۲۶ ۱۲۵۵
جواد کاظمی
۲۷ ۱۰۵۶
حسن گلستانی
۲۸ ۱۵۰
عبدالرضا کهنمویی
۲۹ ۱۶۷
بقیه درصفحه ۲۰
